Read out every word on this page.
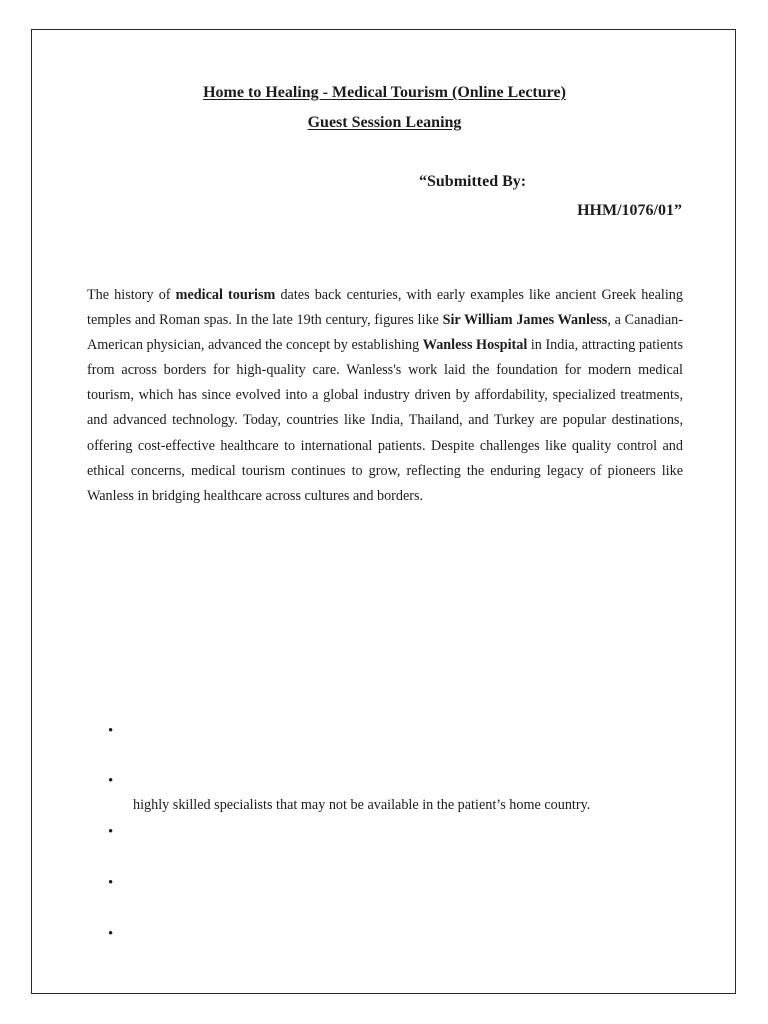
Home to Healing - Medical Tourism (Online Lecture)
Guest Session Leaning
“Submitted By:
HHM/1076/01”

The history of medical tourism dates back centuries, with early examples like ancient Greek healing temples and Roman spas. In the late 19th century, figures like Sir William James Wanless, a Canadian-American physician, advanced the concept by establishing Wanless Hospital in India, attracting patients from across borders for high-quality care. Wanless's work laid the foundation for modern medical tourism, which has since evolved into a global industry driven by affordability, specialized treatments, and advanced technology. Today, countries like India, Thailand, and Turkey are popular destinations, offering cost-effective healthcare to international patients. Despite challenges like quality control and ethical concerns, medical tourism continues to grow, reflecting the enduring legacy of pioneers like Wanless in bridging healthcare across cultures and borders.

•
•
highly skilled specialists that may not be available in the patient’s home country.
•
•
•
